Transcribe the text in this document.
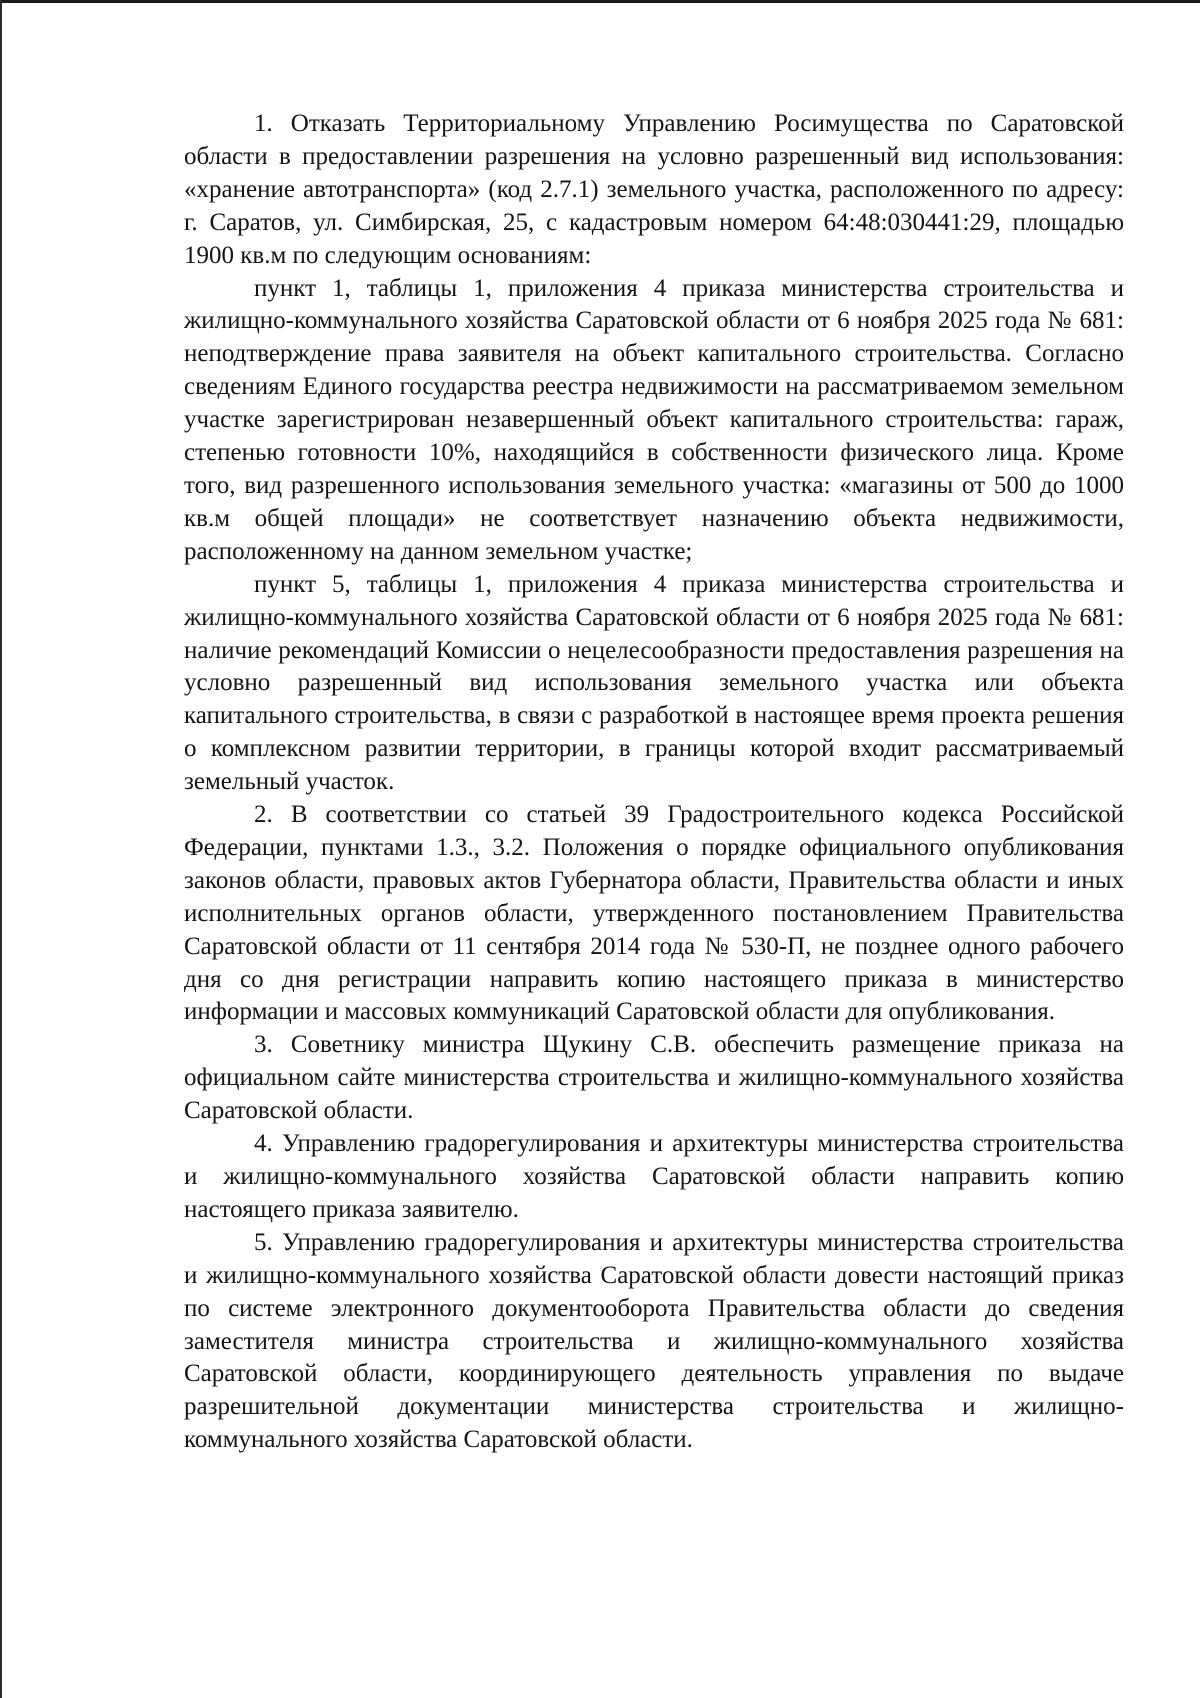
1. Отказать Территориальному Управлению Росимущества по Саратовской области в предоставлении разрешения на условно разрешенный вид использования: «хранение автотранспорта» (код 2.7.1) земельного участка, расположенного по адресу: г. Саратов, ул. Симбирская, 25, с кадастровым номером 64:48:030441:29, площадью 1900 кв.м по следующим основаниям:

пункт 1, таблицы 1, приложения 4 приказа министерства строительства и жилищно-коммунального хозяйства Саратовской области от 6 ноября 2025 года № 681: неподтверждение права заявителя на объект капитального строительства. Согласно сведениям Единого государства реестра недвижимости на рассматриваемом земельном участке зарегистрирован незавершенный объект капитального строительства: гараж, степенью готовности 10%, находящийся в собственности физического лица. Кроме того, вид разрешенного использования земельного участка: «магазины от 500 до 1000 кв.м общей площади» не соответствует назначению объекта недвижимости, расположенному на данном земельном участке;

пункт 5, таблицы 1, приложения 4 приказа министерства строительства и жилищно-коммунального хозяйства Саратовской области от 6 ноября 2025 года № 681: наличие рекомендаций Комиссии о нецелесообразности предоставления разрешения на условно разрешенный вид использования земельного участка или объекта капитального строительства, в связи с разработкой в настоящее время проекта решения о комплексном развитии территории, в границы которой входит рассматриваемый земельный участок.

2. В соответствии со статьей 39 Градостроительного кодекса Российской Федерации, пунктами 1.3., 3.2. Положения о порядке официального опубликования законов области, правовых актов Губернатора области, Правительства области и иных исполнительных органов области, утвержденного постановлением Правительства Саратовской области от 11 сентября 2014 года № 530-П, не позднее одного рабочего дня со дня регистрации направить копию настоящего приказа в министерство информации и массовых коммуникаций Саратовской области для опубликования.

3. Советнику министра Щукину С.В. обеспечить размещение приказа на официальном сайте министерства строительства и жилищно-коммунального хозяйства Саратовской области.

4. Управлению градорегулирования и архитектуры министерства строительства и жилищно-коммунального хозяйства Саратовской области направить копию настоящего приказа заявителю.

5. Управлению градорегулирования и архитектуры министерства строительства и жилищно-коммунального хозяйства Саратовской области довести настоящий приказ по системе электронного документооборота Правительства области до сведения заместителя министра строительства и жилищно-коммунального хозяйства Саратовской области, координирующего деятельность управления по выдаче разрешительной документации министерства строительства и жилищно-коммунального хозяйства Саратовской области.
